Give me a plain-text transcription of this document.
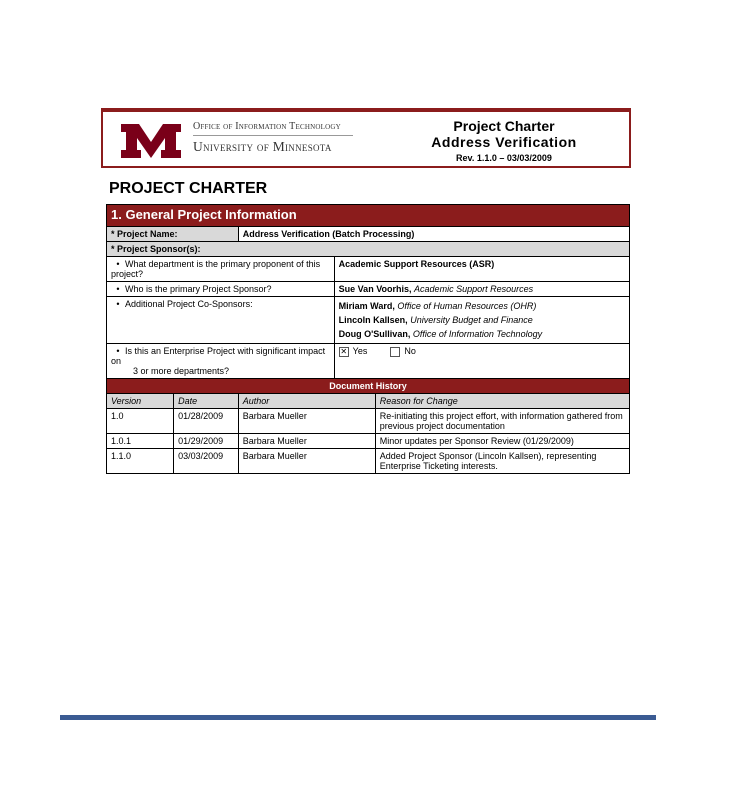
Office of Information Technology
University of Minnesota
Project Charter
Address Verification
Rev. 1.1.0 – 03/03/2009
PROJECT CHARTER
1. General Project Information				
* Project Name:		Address Verification (Batch Processing)		
* Project Sponsor(s):				
• What department is the primary proponent of this project?			Academic Support Resources (ASR)	
• Who is the primary Project Sponsor?			Sue Van Voorhis, Academic Support Resources	
• Additional Project Co-Sponsors:			Miriam Ward, Office of Human Resources (OHR)
Lincoln Kallsen, University Budget and Finance
Doug O'Sullivan, Office of Information Technology	

• Is this an Enterprise Project with significant impact on
3 or more departments?			✕ Yes No	
Document History				
Version	Date	Author		Reason for Change
1.0	01/28/2009	Barbara Mueller		Re-initiating this project effort, with information gathered from previous project documentation
1.0.1	01/29/2009	Barbara Mueller		Minor updates per Sponsor Review (01/29/2009)
1.1.0	03/03/2009	Barbara Mueller		Added Project Sponsor (Lincoln Kallsen), representing Enterprise Ticketing interests.
